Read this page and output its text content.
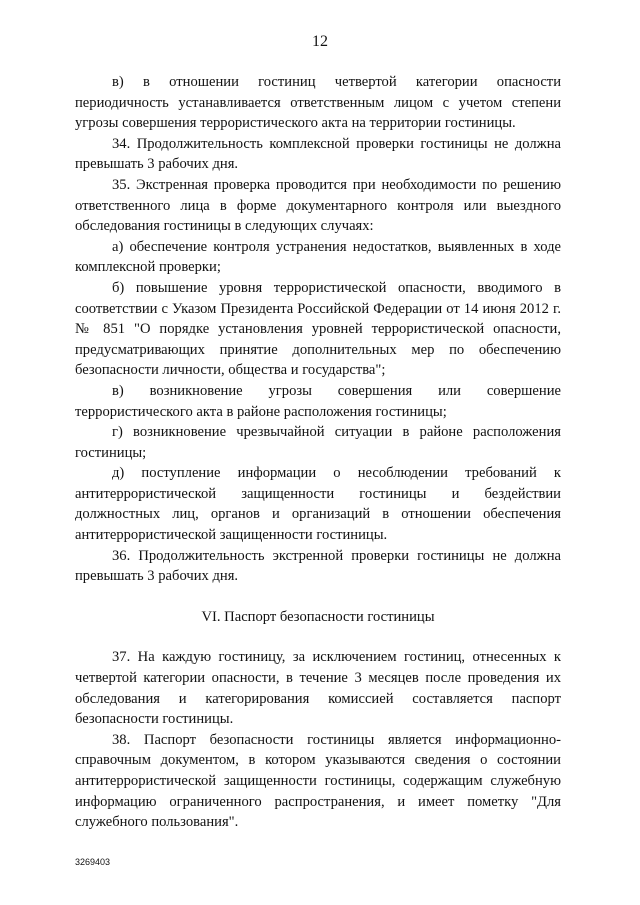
12

в) в отношении гостиниц четвертой категории опасности периодичность устанавливается ответственным лицом с учетом степени угрозы совершения террористического акта на территории гостиницы.

34. Продолжительность комплексной проверки гостиницы не должна превышать 3 рабочих дня.

35. Экстренная проверка проводится при необходимости по решению ответственного лица в форме документарного контроля или выездного обследования гостиницы в следующих случаях:

а) обеспечение контроля устранения недостатков, выявленных в ходе комплексной проверки;

б) повышение уровня террористической опасности, вводимого в соответствии с Указом Президента Российской Федерации от 14 июня 2012 г. № 851 "О порядке установления уровней террористической опасности, предусматривающих принятие дополнительных мер по обеспечению безопасности личности, общества и государства";

в) возникновение угрозы совершения или совершение террористического акта в районе расположения гостиницы;

г) возникновение чрезвычайной ситуации в районе расположения гостиницы;

д) поступление информации о несоблюдении требований к антитеррористической защищенности гостиницы и бездействии должностных лиц, органов и организаций в отношении обеспечения антитеррористической защищенности гостиницы.

36. Продолжительность экстренной проверки гостиницы не должна превышать 3 рабочих дня.

VI. Паспорт безопасности гостиницы

37. На каждую гостиницу, за исключением гостиниц, отнесенных к четвертой категории опасности, в течение 3 месяцев после проведения их обследования и категорирования комиссией составляется паспорт безопасности гостиницы.

38. Паспорт безопасности гостиницы является информационно-справочным документом, в котором указываются сведения о состоянии антитеррористической защищенности гостиницы, содержащим служебную информацию ограниченного распространения, и имеет пометку "Для служебного пользования".

3269403
